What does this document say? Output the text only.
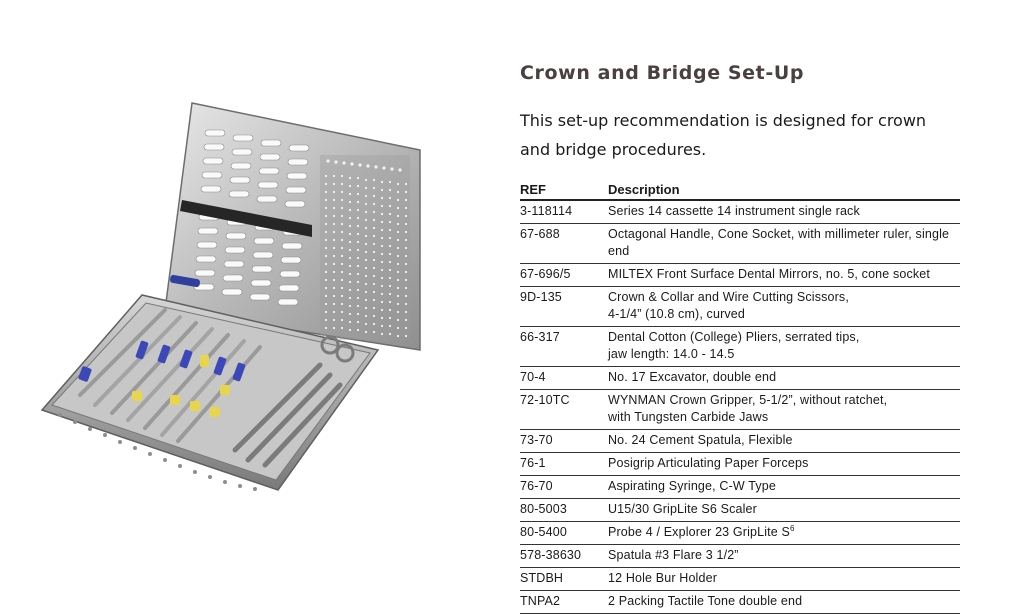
Crown and Bridge Set-Up

This set-up recommendation is designed for crown and bridge procedures.

REF	Description
3-118114	Series 14 cassette 14 instrument single rack

67-688	Octagonal Handle, Cone Socket, with millimeter ruler, single end

67-696/5	MILTEX Front Surface Dental Mirrors, no. 5, cone socket

9D-135	Crown & Collar and Wire Cutting Scissors,
4-1/4” (10.8 cm), curved

66-317	Dental Cotton (College) Pliers, serrated tips,
jaw length: 14.0 - 14.5

70-4	No. 17 Excavator, double end

72-10TC	WYNMAN Crown Gripper, 5-1/2”, without ratchet,
with Tungsten Carbide Jaws

73-70	No. 24 Cement Spatula, Flexible

76-1	Posigrip Articulating Paper Forceps

76-70	Aspirating Syringe, C-W Type

80-5003	U15/30 GripLite S6 Scaler

80-5400	Probe 4 / Explorer 23 GripLite $S^6$

578-38630	Spatula #3 Flare 3 1/2”

STDBH	12 Hole Bur Holder

TNPA2	2 Packing Tactile Tone double end
